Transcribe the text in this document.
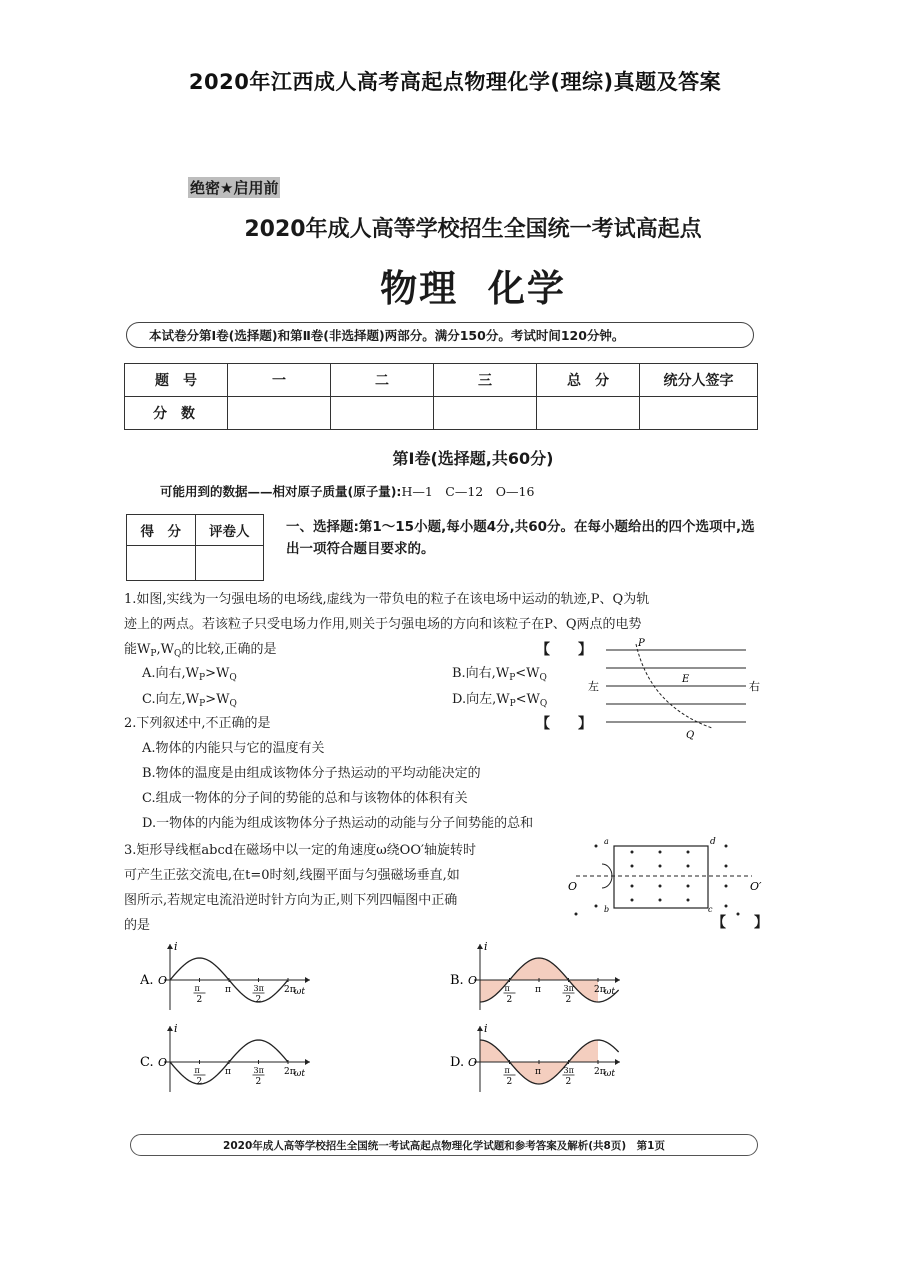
2020年江西成人高考高起点物理化学(理综)真题及答案
绝密★启用前
2020年成人高等学校招生全国统一考试高起点
物理  化学
本试卷分第Ⅰ卷(选择题)和第Ⅱ卷(非选择题)两部分。满分150分。考试时间120分钟。
题　号	一	二	三	总　分	统分人签字
分　数					
第Ⅰ卷(选择题,共60分)
可能用到的数据——相对原子质量(原子量):H—1　C—12　O—16
得　分	评卷人
		一、选择题:第1～15小题,每小题4分,共60分。在每小题给出的四个选项中,选出一项符合题目要求的。
1.如图,实线为一匀强电场的电场线,虚线为一带负电的粒子在该电场中运动的轨迹,P、Q为轨
迹上的两点。若该粒子只受电场力作用,则关于匀强电场的方向和该粒子在P、Q两点的电势
能$W_P,W_Q$的比较,正确的是	【　　】
A.向右$,W_P>W_Q$	B.向右$,W_P<W_Q$
C.向左$,W_P>W_Q$	D.向左$,W_P<W_Q$
P
Q
E
左	右
2.下列叙述中,不正确的是	【　　】
A.物体的内能只与它的温度有关
B.物体的温度是由组成该物体分子热运动的平均动能决定的
C.组成一物体的分子间的势能的总和与该物体的体积有关
D.一物体的内能为组成该物体分子热运动的动能与分子间势能的总和
3.矩形导线框abcd在磁场中以一定的角速度ω绕OO′轴旋转时
可产生正弦交流电,在t=0时刻,线圈平面与匀强磁场垂直,如
图所示,若规定电流沿逆时针方向为正,则下列四幅图中正确
的是	【　　】
a
b	c
d
O	O′
A. O
i
ωt
π
2
π	3π
2
2π
B. O
i
ωt
π
2
π	3π
2
2π
C. O
i
ωt
π
2
π	3π
2
2π
D. O
i
ωt
π
2
π	3π
2
2π
2020年成人高等学校招生全国统一考试高起点物理化学试题和参考答案及解析(共8页)　第1页
